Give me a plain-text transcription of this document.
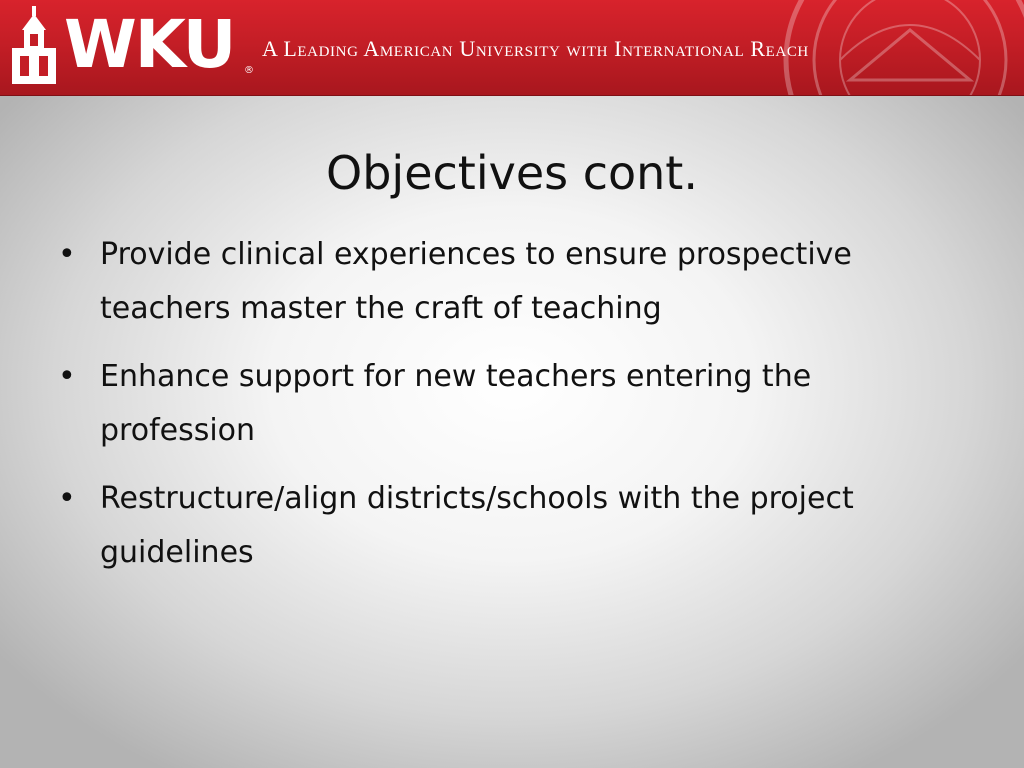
WKU ®
A Leading American University with International Reach
Objectives cont.
• Provide clinical experiences to ensure prospective teachers master the craft of teaching
• Enhance support for new teachers entering the profession
• Restructure/align districts/schools with the project guidelines
